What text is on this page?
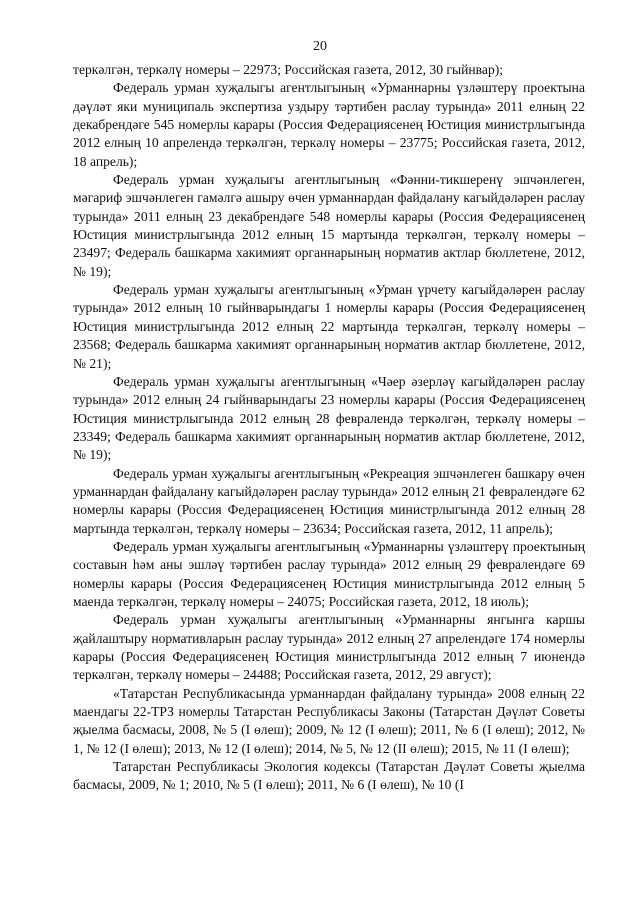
20

теркәлгән, теркәлү номеры – 22973; Российская газета, 2012, 30 гыйнвар);

Федераль урман хуҗалыгы агентлыгының «Урманнарны үзләштерү проектына дәүләт яки муниципаль экспертиза уздыру тәртибен раслау турында» 2011 елның 22 декабрендәге 545 номерлы карары (Россия Федерациясенең Юстиция министрлыгында 2012 елның 10 апрелендә теркәлгән, теркәлү номеры – 23775; Российская газета, 2012, 18 апрель);

Федераль урман хуҗалыгы агентлыгының «Фәнни-тикшеренү эшчәнлеген, мәгариф эшчәнлеген гамәлгә ашыру өчен урманнардан файдалану кагыйдәләрен раслау турында» 2011 елның 23 декабрендәге 548 номерлы карары (Россия Федерациясенең Юстиция министрлыгында 2012 елның 15 мартында теркәлгән, теркәлү номеры – 23497; Федераль башкарма хакимият органнарының норматив актлар бюллетене, 2012, № 19);

Федераль урман хуҗалыгы агентлыгының «Урман үрчету кагыйдәләрен раслау турында» 2012 елның 10 гыйнварындагы 1 номерлы карары (Россия Федерациясенең Юстиция министрлыгында 2012 елның 22 мартында теркәлгән, теркәлү номеры – 23568; Федераль башкарма хакимият органнарының норматив актлар бюллетене, 2012, № 21);

Федераль урман хуҗалыгы агентлыгының «Чәер әзерләү кагыйдәләрен раслау турында» 2012 елның 24 гыйнварындагы 23 номерлы карары (Россия Федерациясенең Юстиция министрлыгында 2012 елның 28 февралендә теркәлгән, теркәлү номеры – 23349; Федераль башкарма хакимият органнарының норматив актлар бюллетене, 2012, № 19);

Федераль урман хуҗалыгы агентлыгының «Рекреация эшчәнлеген башкару өчен урманнардан файдалану кагыйдәләрен раслау турында» 2012 елның 21 февралендәге 62 номерлы карары (Россия Федерациясенең Юстиция министрлыгында 2012 елның 28 мартында теркәлгән, теркәлү номеры – 23634; Российская газета, 2012, 11 апрель);

Федераль урман хуҗалыгы агентлыгының «Урманнарны үзләштерү проектының составын һәм аны эшләү тәртибен раслау турында» 2012 елның 29 февралендәге 69 номерлы карары (Россия Федерациясенең Юстиция министрлыгында 2012 елның 5 маенда теркәлгән, теркәлү номеры – 24075; Российская газета, 2012, 18 июль);

Федераль урман хуҗалыгы агентлыгының «Урманнарны янгынга каршы җайлаштыру нормативларын раслау турында» 2012 елның 27 апрелендәге 174 номерлы карары (Россия Федерациясенең Юстиция министрлыгында 2012 елның 7 июнендә теркәлгән, теркәлү номеры – 24488; Российская газета, 2012, 29 август);

«Татарстан Республикасында урманнардан файдалану турында» 2008 елның 22 маендагы 22-ТРЗ номерлы Татарстан Республикасы Законы (Татарстан Дәүләт Советы җыелма басмасы, 2008, № 5 (I өлеш); 2009, № 12 (I өлеш); 2011, № 6 (I өлеш); 2012, № 1, № 12 (I өлеш); 2013, № 12 (I өлеш); 2014, № 5, № 12 (II өлеш); 2015, № 11 (I өлеш);

Татарстан Республикасы Экология кодексы (Татарстан Дәүләт Советы җыелма басмасы, 2009, № 1; 2010, № 5 (I өлеш); 2011, № 6 (I өлеш), № 10 (I
